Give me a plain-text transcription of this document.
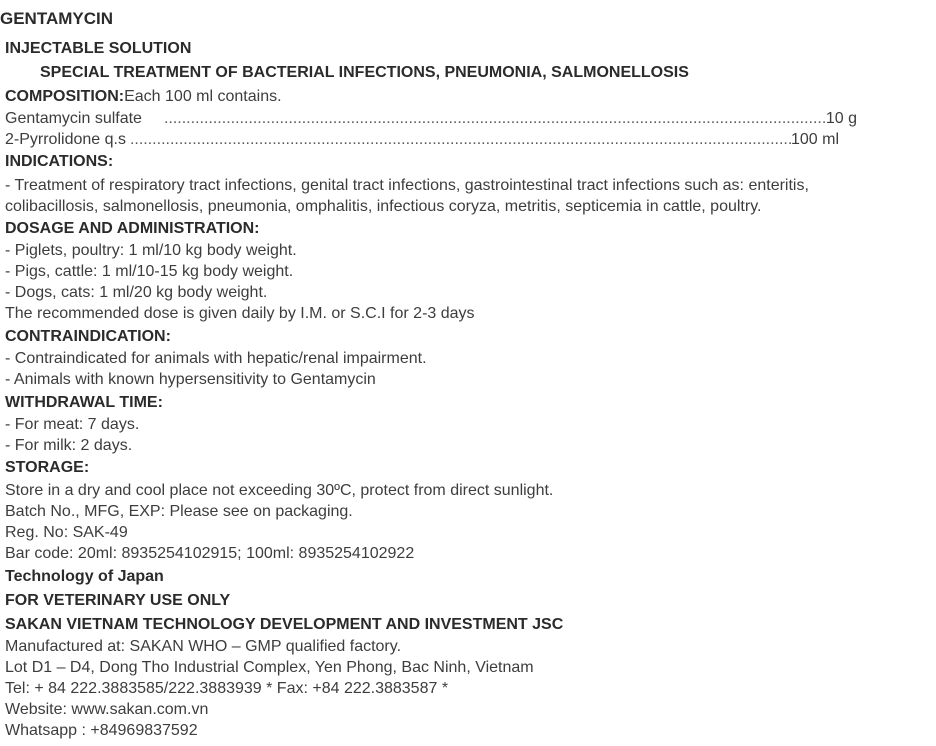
GENTAMYCIN
INJECTABLE SOLUTION
SPECIAL TREATMENT OF BACTERIAL INFECTIONS, PNEUMONIA, SALMONELLOSIS
COMPOSITION:Each 100 ml contains.
Gentamycin sulfate .....	10 g
2-Pyrrolidone q.s .....	100 ml
INDICATIONS:
- Treatment of respiratory tract infections, genital tract infections, gastrointestinal tract infections such as: enteritis,
colibacillosis, salmonellosis, pneumonia, omphalitis, infectious coryza, metritis, septicemia in cattle, poultry.
DOSAGE AND ADMINISTRATION:
- Piglets, poultry: 1 ml/10 kg body weight.
- Pigs, cattle: 1 ml/10-15 kg body weight.
- Dogs, cats: 1 ml/20 kg body weight.
The recommended dose is given daily by I.M. or S.C.I for 2-3 days
CONTRAINDICATION:
- Contraindicated for animals with hepatic/renal impairment.
- Animals with known hypersensitivity to Gentamycin
WITHDRAWAL TIME:
- For meat: 7 days.
- For milk: 2 days.
STORAGE:
Store in a dry and cool place not exceeding 30ºC, protect from direct sunlight.
Batch No., MFG, EXP: Please see on packaging.
Reg. No: SAK-49
Bar code: 20ml: 8935254102915; 100ml: 8935254102922
Technology of Japan
FOR VETERINARY USE ONLY
SAKAN VIETNAM TECHNOLOGY DEVELOPMENT AND INVESTMENT JSC
Manufactured at: SAKAN WHO – GMP qualified factory.
Lot D1 – D4, Dong Tho Industrial Complex, Yen Phong, Bac Ninh, Vietnam
Tel: + 84 222.3883585/222.3883939 * Fax: +84 222.3883587 *
Website: www.sakan.com.vn
Whatsapp : +84969837592
